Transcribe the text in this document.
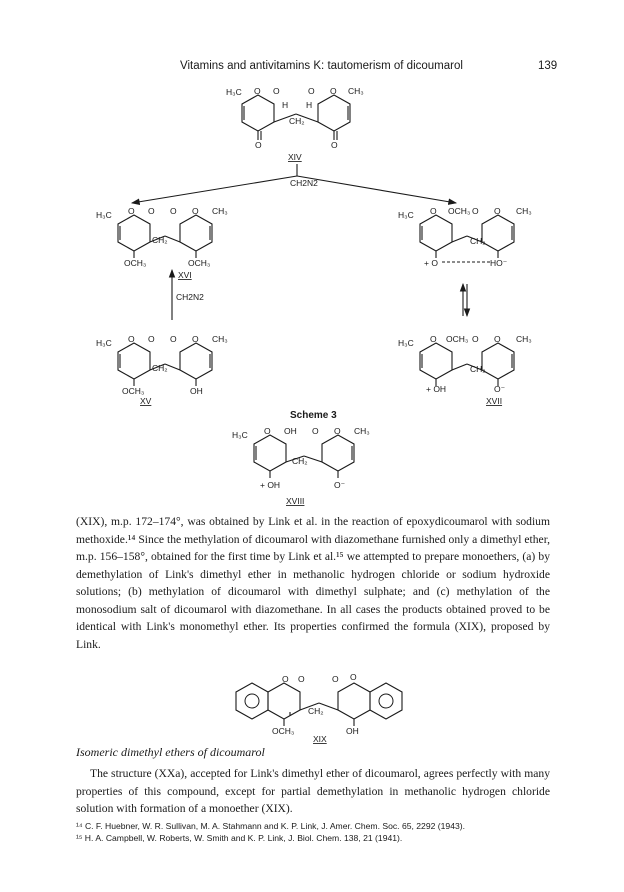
Vitamins and antivitamins K: tautomerism of dicoumarol	139
H₃C O O
H
O O CH₃
H
CH₂
O	O
XIV
CH2N2
H₃C O O O O CH₃
CH₂
OCH₃	OCH₃
XVI
CH2N2
H₃C O OCH₃ O O CH₃
CH₂
+ O	HO⁻
H₃C O O O O CH₃
CH₂
OCH₃	OH
XV
H₃C O OCH₃ O O CH₃
CH₂
+ OH	O⁻
XVII
H₃C O OH O O CH₃
CH₂
+ OH	O⁻
XVIII
O O	O O
CH₂
OCH₃	OH
XIX
Scheme 3

(XIX), m.p. 172–174°, was obtained by Link et al. in the reaction of epoxydicoumarol with sodium methoxide.¹⁴ Since the methylation of dicoumarol with diazomethane furnished only a dimethyl ether, m.p. 156–158°, obtained for the first time by Link et al.¹⁵ we attempted to prepare monoethers, (a) by demethylation of Link's dimethyl ether in methanolic hydrogen chloride or sodium hydroxide solutions; (b) methylation of dicoumarol with dimethyl sulphate; and (c) methylation of the monosodium salt of dicoumarol with diazomethane. In all cases the products obtained proved to be identical with Link's monomethyl ether. Its properties confirmed the formula (XIX), proposed by Link.

Isomeric dimethyl ethers of dicoumarol

The structure (XXa), accepted for Link's dimethyl ether of dicoumarol, agrees perfectly with many properties of this compound, except for partial demethylation in methanolic hydrogen chloride solution with formation of a monoether (XIX).

¹⁴ C. F. Huebner, W. R. Sullivan, M. A. Stahmann and K. P. Link, J. Amer. Chem. Soc. 65, 2292 (1943).
¹⁵ H. A. Campbell, W. Roberts, W. Smith and K. P. Link, J. Biol. Chem. 138, 21 (1941).
